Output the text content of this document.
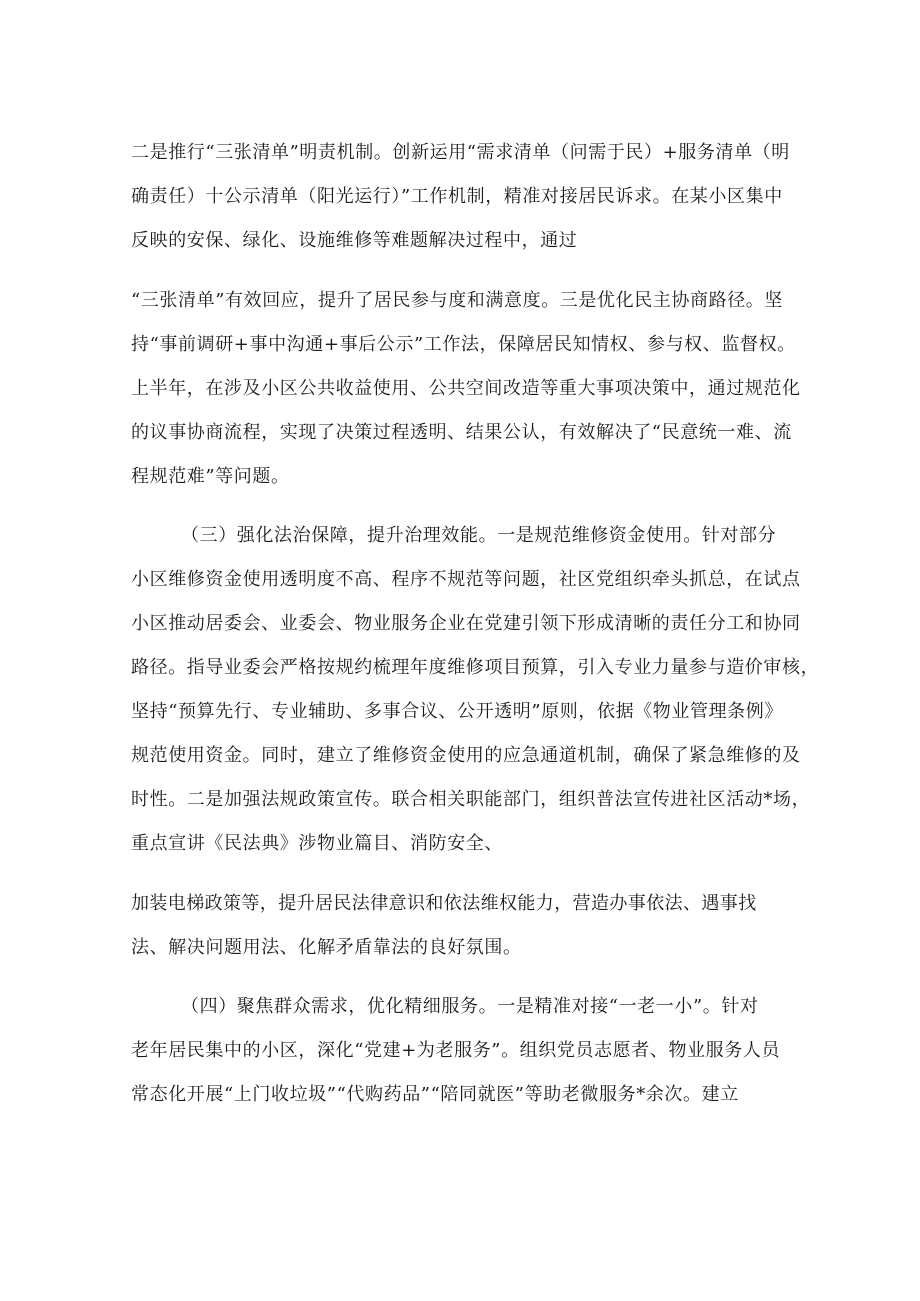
二是推行“三张清单”明责机制。创新运用“需求清单（问需于民）+服务清单（明
确责任）十公示清单（阳光运行）”工作机制，精准对接居民诉求。在某小区集中
反映的安保、绿化、设施维修等难题解决过程中，通过
“三张清单”有效回应，提升了居民参与度和满意度。三是优化民主协商路径。坚
持“事前调研+事中沟通+事后公示”工作法，保障居民知情权、参与权、监督权。
上半年，在涉及小区公共收益使用、公共空间改造等重大事项决策中，通过规范化
的议事协商流程，实现了决策过程透明、结果公认，有效解决了“民意统一难、流
程规范难”等问题。
（三）强化法治保障，提升治理效能。一是规范维修资金使用。针对部分
小区维修资金使用透明度不高、程序不规范等问题，社区党组织牵头抓总，在试点
小区推动居委会、业委会、物业服务企业在党建引领下形成清晰的责任分工和协同
路径。指导业委会严格按规约梳理年度维修项目预算，引入专业力量参与造价审核，
坚持“预算先行、专业辅助、多事合议、公开透明”原则，依据《物业管理条例》
规范使用资金。同时，建立了维修资金使用的应急通道机制，确保了紧急维修的及
时性。二是加强法规政策宣传。联合相关职能部门，组织普法宣传进社区活动*场，
重点宣讲《民法典》涉物业篇目、消防安全、
加装电梯政策等，提升居民法律意识和依法维权能力，营造办事依法、遇事找
法、解决问题用法、化解矛盾靠法的良好氛围。
（四）聚焦群众需求，优化精细服务。一是精准对接“一老一小”。针对
老年居民集中的小区，深化“党建+为老服务”。组织党员志愿者、物业服务人员
常态化开展“上门收垃圾”“代购药品”“陪同就医”等助老微服务*余次。建立
